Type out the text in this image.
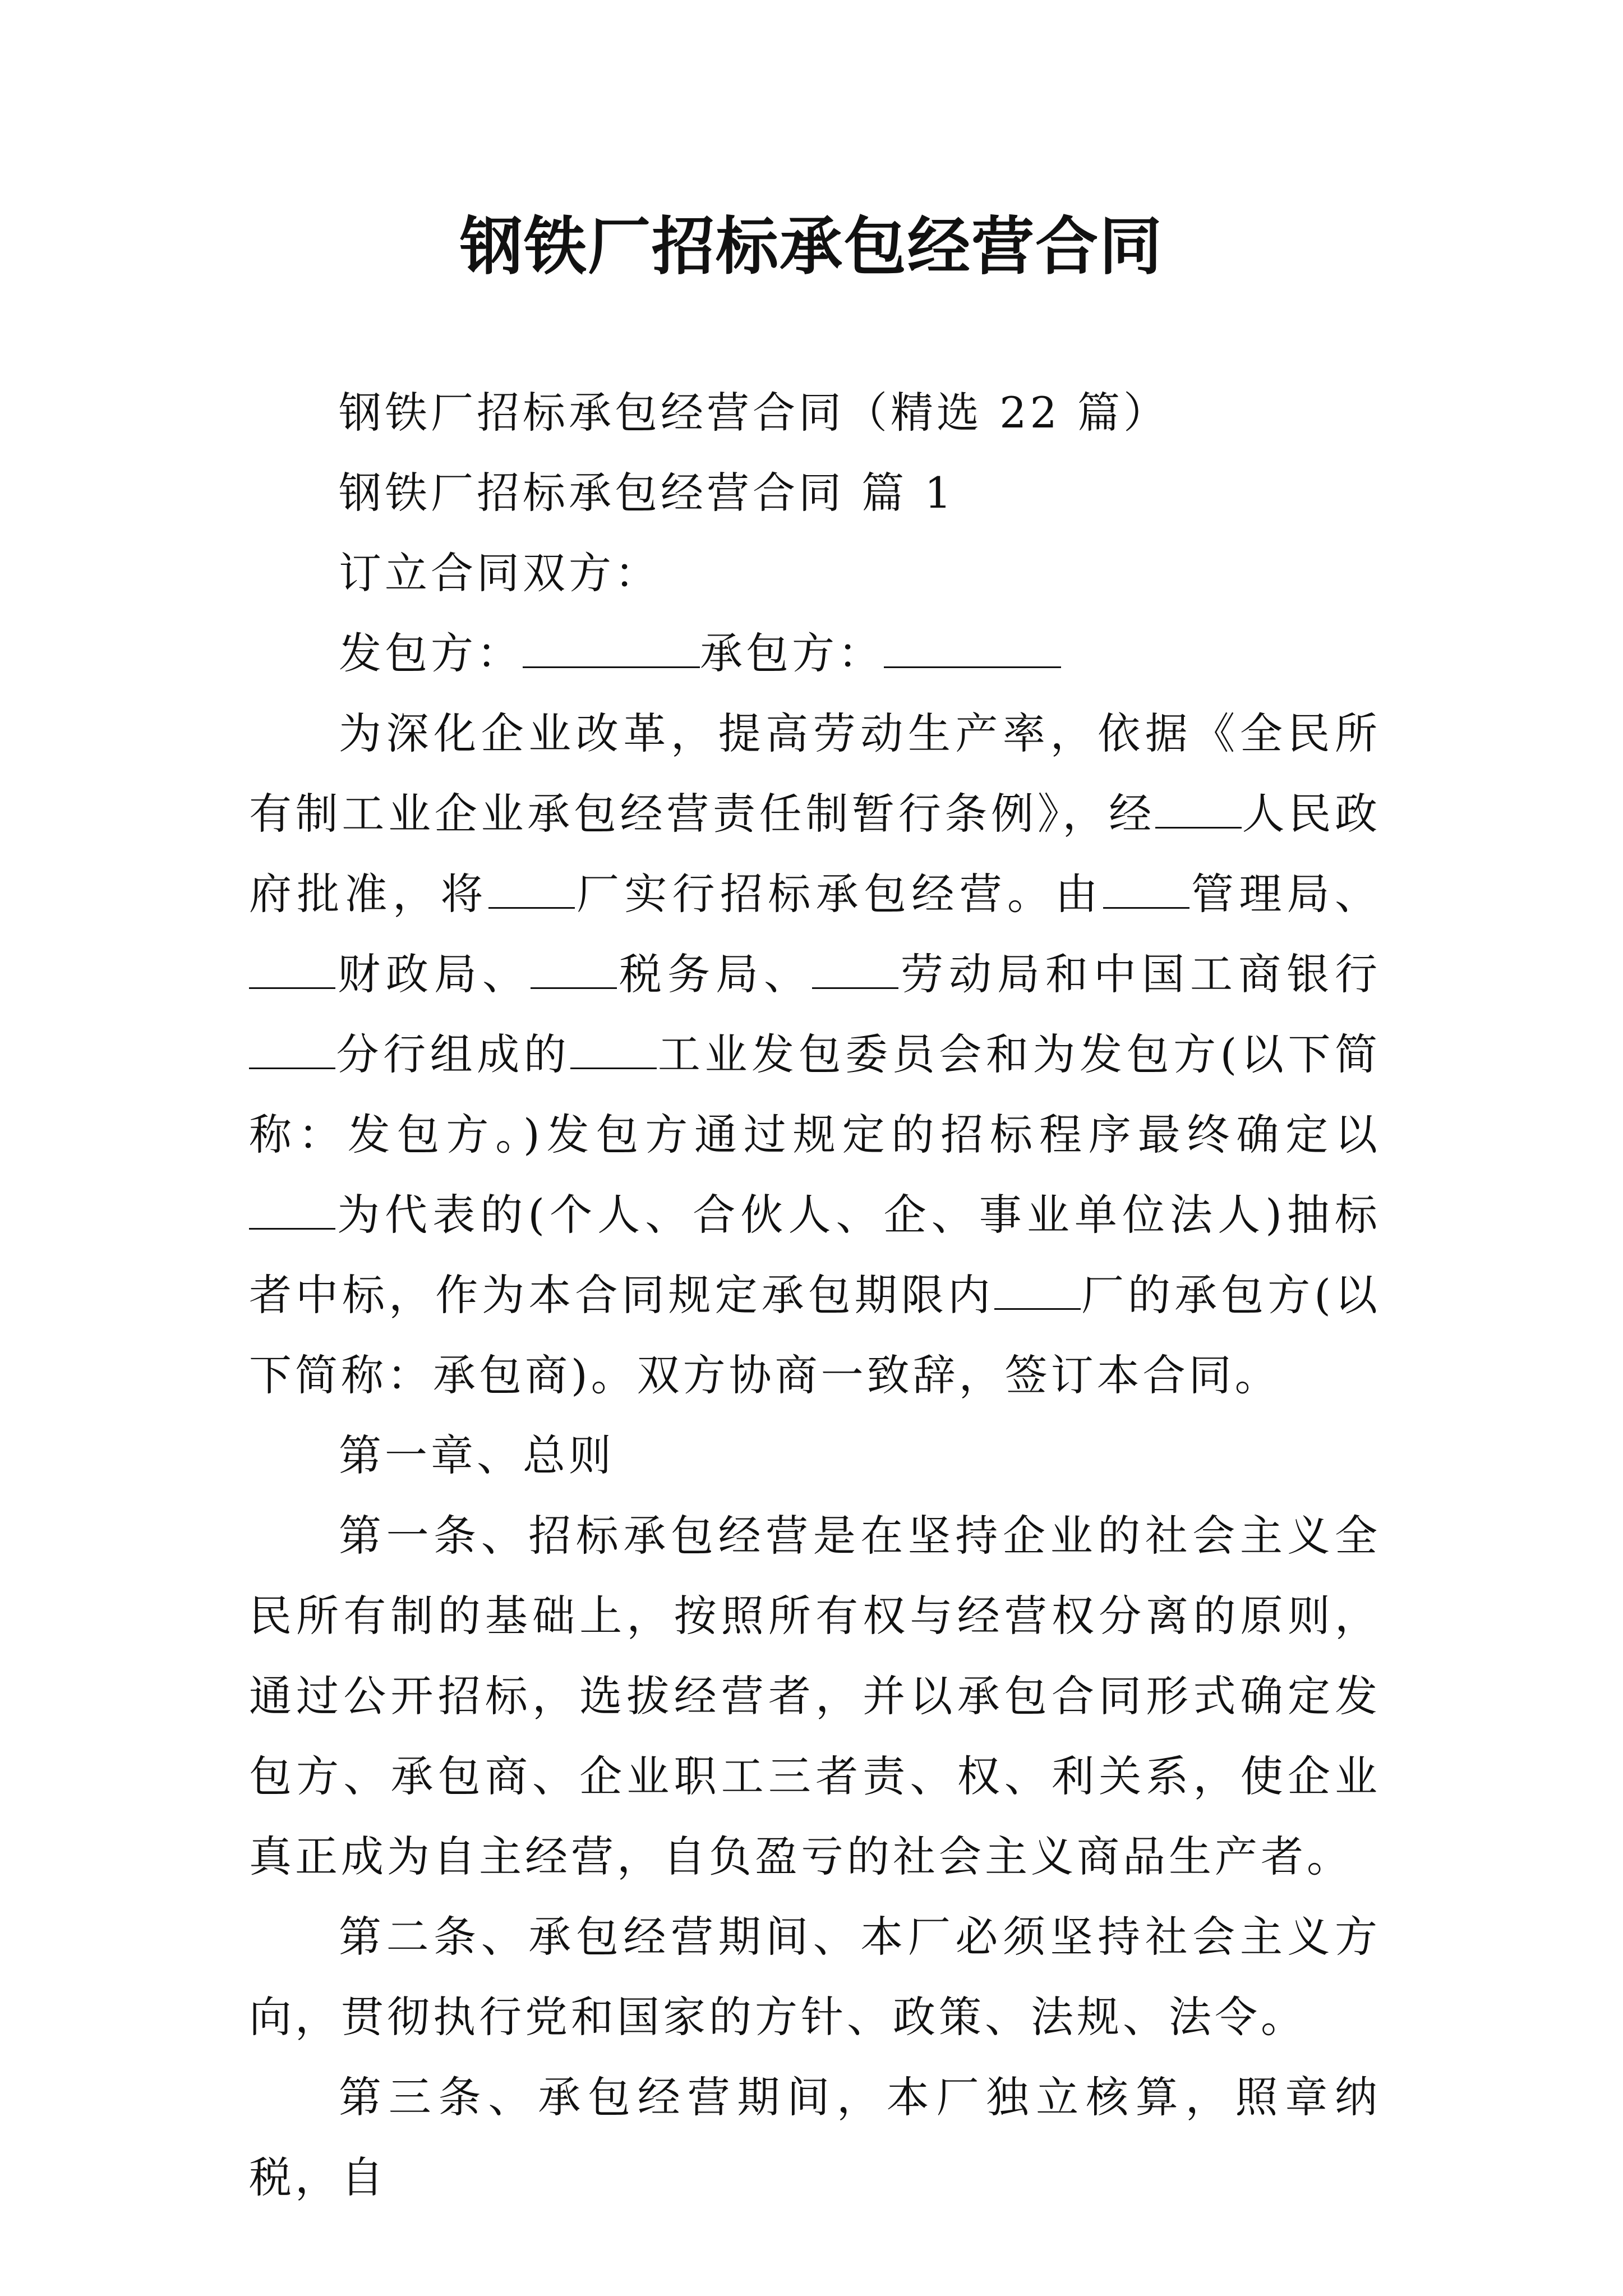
钢铁厂招标承包经营合同

钢铁厂招标承包经营合同（精选 22 篇）

钢铁厂招标承包经营合同 篇 1

订立合同双方：

发包方：	承包方：

为深化企业改革，提高劳动生产率，依据《全民所有制工业企业承包经营责任制暂行条例》，经 人民政府批准，将 厂实行招标承包经营。由 管理局、财政局、 税务局、 劳动局和中国工商银行分行组成的 工业发包委员会和为发包方(以下简称：发包方。)发包方通过规定的招标程序最终确定以为代表的(个人、合伙人、企、事业单位法人)抽标者中标，作为本合同规定承包期限内 厂的承包方(以下简称：承包商)。双方协商一致辞，签订本合同。

第一章、总则

第一条、招标承包经营是在坚持企业的社会主义全民所有制的基础上，按照所有权与经营权分离的原则，通过公开招标，选拔经营者，并以承包合同形式确定发包方、承包商、企业职工三者责、权、利关系，使企业真正成为自主经营，自负盈亏的社会主义商品生产者。

第二条、承包经营期间、本厂必须坚持社会主义方向，贯彻执行党和国家的方针、政策、法规、法令。

第三条、承包经营期间，本厂独立核算，照章纳税，自
